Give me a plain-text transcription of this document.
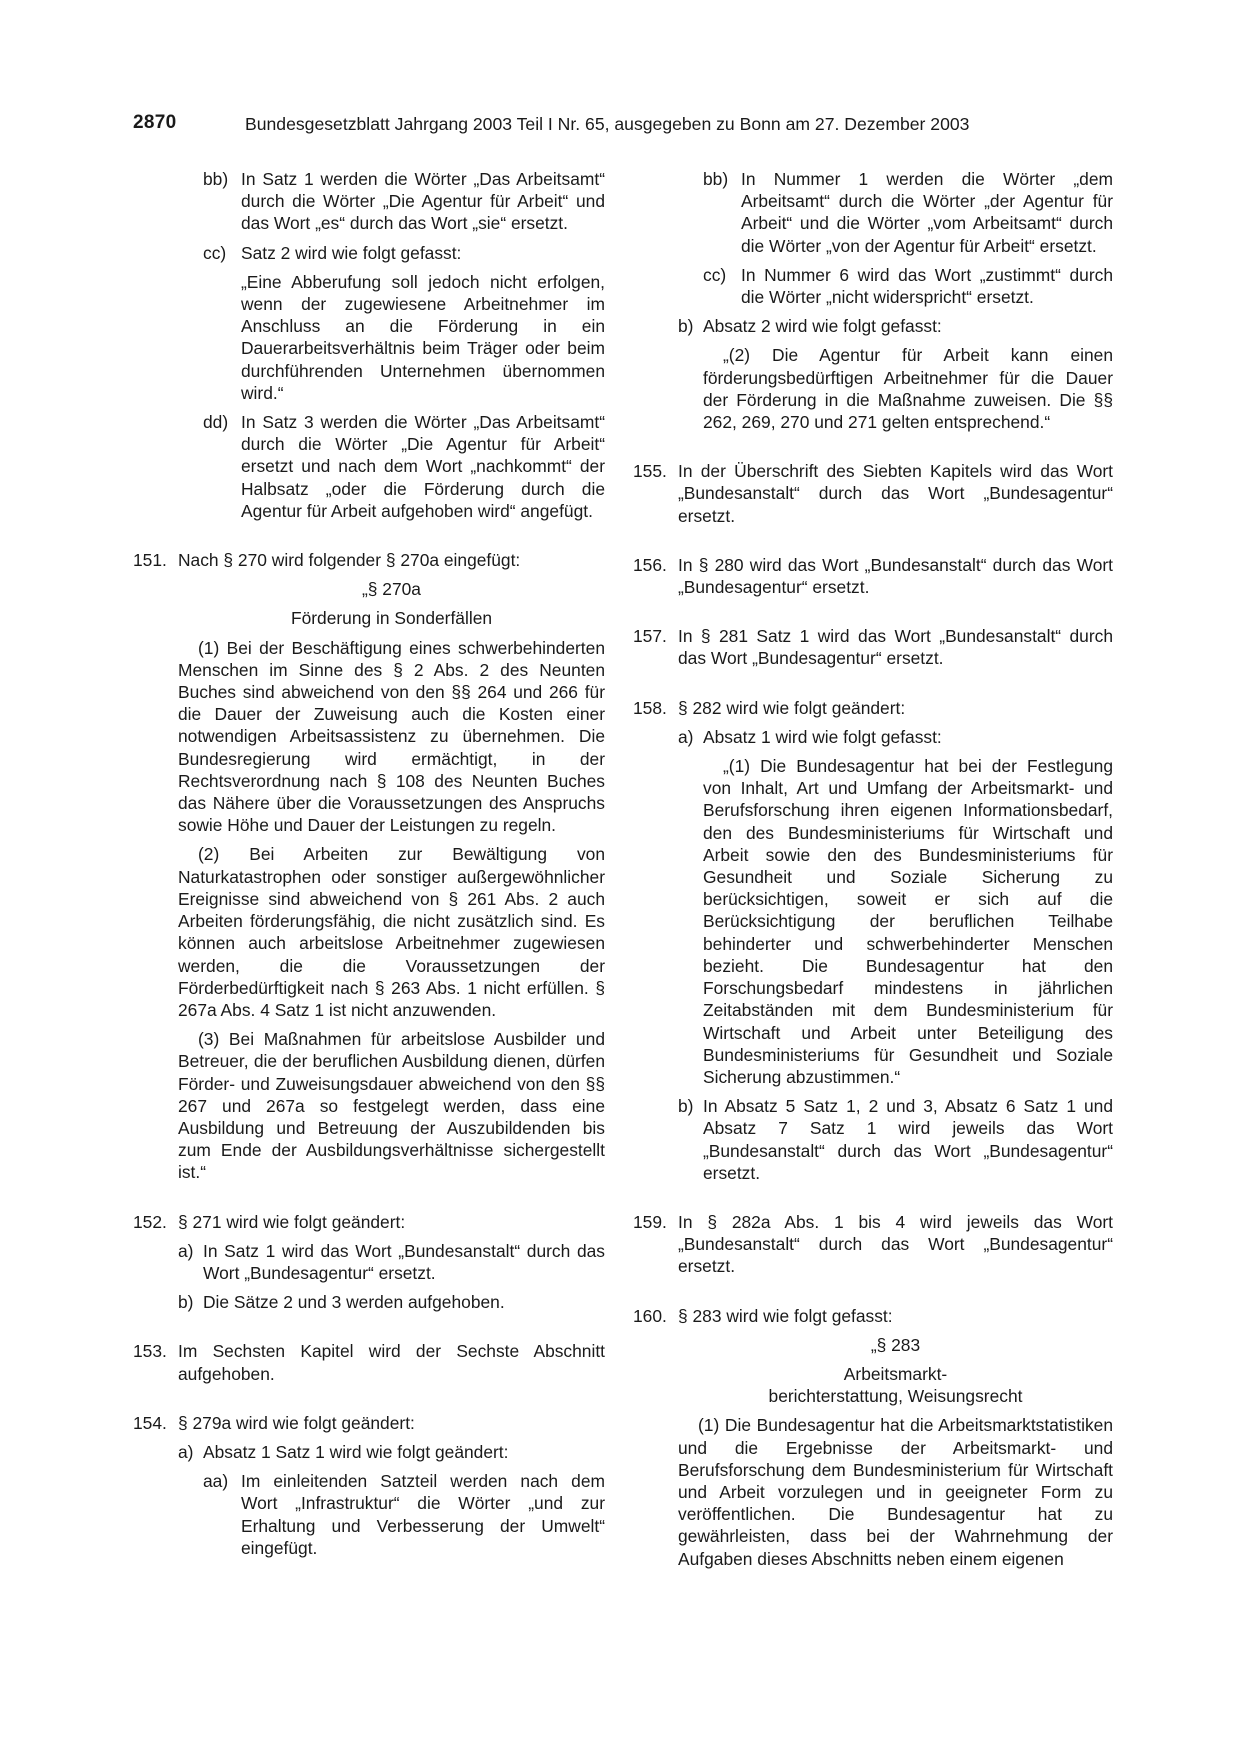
2870	Bundesgesetzblatt Jahrgang 2003 Teil I Nr. 65, ausgegeben zu Bonn am 27. Dezember 2003
bb) In Satz 1 werden die Wörter „Das Arbeitsamt“ durch die Wörter „Die Agentur für Arbeit“ und das Wort „es“ durch das Wort „sie“ ersetzt.

cc) Satz 2 wird wie folgt gefasst:

„Eine Abberufung soll jedoch nicht erfolgen, wenn der zugewiesene Arbeitnehmer im Anschluss an die Förderung in ein Dauerarbeitsverhältnis beim Träger oder beim durchführenden Unternehmen übernommen wird.“

dd) In Satz 3 werden die Wörter „Das Arbeitsamt“ durch die Wörter „Die Agentur für Arbeit“ ersetzt und nach dem Wort „nachkommt“ der Halbsatz „oder die Förderung durch die Agentur für Arbeit aufgehoben wird“ angefügt.

151. Nach § 270 wird folgender § 270a eingefügt:

„§ 270a

Förderung in Sonderfällen

(1) Bei der Beschäftigung eines schwerbehinderten Menschen im Sinne des § 2 Abs. 2 des Neunten Buches sind abweichend von den §§ 264 und 266 für die Dauer der Zuweisung auch die Kosten einer notwendigen Arbeitsassistenz zu übernehmen. Die Bundesregierung wird ermächtigt, in der Rechtsverordnung nach § 108 des Neunten Buches das Nähere über die Voraussetzungen des Anspruchs sowie Höhe und Dauer der Leistungen zu regeln.

(2) Bei Arbeiten zur Bewältigung von Naturkatastrophen oder sonstiger außergewöhnlicher Ereignisse sind abweichend von § 261 Abs. 2 auch Arbeiten förderungsfähig, die nicht zusätzlich sind. Es können auch arbeitslose Arbeitnehmer zugewiesen werden, die die Voraussetzungen der Förderbedürftigkeit nach § 263 Abs. 1 nicht erfüllen. § 267a Abs. 4 Satz 1 ist nicht anzuwenden.

(3) Bei Maßnahmen für arbeitslose Ausbilder und Betreuer, die der beruflichen Ausbildung dienen, dürfen Förder- und Zuweisungsdauer abweichend von den §§ 267 und 267a so festgelegt werden, dass eine Ausbildung und Betreuung der Auszubildenden bis zum Ende der Ausbildungsverhältnisse sichergestellt ist.“

152. § 271 wird wie folgt geändert:

a) In Satz 1 wird das Wort „Bundesanstalt“ durch das Wort „Bundesagentur“ ersetzt.

b) Die Sätze 2 und 3 werden aufgehoben.

153. Im Sechsten Kapitel wird der Sechste Abschnitt aufgehoben.

154. § 279a wird wie folgt geändert:

a) Absatz 1 Satz 1 wird wie folgt geändert:

aa) Im einleitenden Satzteil werden nach dem Wort „Infrastruktur“ die Wörter „und zur Erhaltung und Verbesserung der Umwelt“ eingefügt.

bb) In Nummer 1 werden die Wörter „dem Arbeitsamt“ durch die Wörter „der Agentur für Arbeit“ und die Wörter „vom Arbeitsamt“ durch die Wörter „von der Agentur für Arbeit“ ersetzt.

cc) In Nummer 6 wird das Wort „zustimmt“ durch die Wörter „nicht widerspricht“ ersetzt.

b) Absatz 2 wird wie folgt gefasst:

„(2) Die Agentur für Arbeit kann einen förderungsbedürftigen Arbeitnehmer für die Dauer der Förderung in die Maßnahme zuweisen. Die §§ 262, 269, 270 und 271 gelten entsprechend.“

155. In der Überschrift des Siebten Kapitels wird das Wort „Bundesanstalt“ durch das Wort „Bundesagentur“ ersetzt.

156. In § 280 wird das Wort „Bundesanstalt“ durch das Wort „Bundesagentur“ ersetzt.

157. In § 281 Satz 1 wird das Wort „Bundesanstalt“ durch das Wort „Bundesagentur“ ersetzt.

158. § 282 wird wie folgt geändert:

a) Absatz 1 wird wie folgt gefasst:

„(1) Die Bundesagentur hat bei der Festlegung von Inhalt, Art und Umfang der Arbeitsmarkt- und Berufsforschung ihren eigenen Informationsbedarf, den des Bundesministeriums für Wirtschaft und Arbeit sowie den des Bundesministeriums für Gesundheit und Soziale Sicherung zu berücksichtigen, soweit er sich auf die Berücksichtigung der beruflichen Teilhabe behinderter und schwerbehinderter Menschen bezieht. Die Bundesagentur hat den Forschungsbedarf mindestens in jährlichen Zeitabständen mit dem Bundesministerium für Wirtschaft und Arbeit unter Beteiligung des Bundesministeriums für Gesundheit und Soziale Sicherung abzustimmen.“

b) In Absatz 5 Satz 1, 2 und 3, Absatz 6 Satz 1 und Absatz 7 Satz 1 wird jeweils das Wort „Bundesanstalt“ durch das Wort „Bundesagentur“ ersetzt.

159. In § 282a Abs. 1 bis 4 wird jeweils das Wort „Bundesanstalt“ durch das Wort „Bundesagentur“ ersetzt.

160. § 283 wird wie folgt gefasst:

„§ 283

Arbeitsmarkt-

berichterstattung, Weisungsrecht

(1) Die Bundesagentur hat die Arbeitsmarktstatistiken und die Ergebnisse der Arbeitsmarkt- und Berufsforschung dem Bundesministerium für Wirtschaft und Arbeit vorzulegen und in geeigneter Form zu veröffentlichen. Die Bundesagentur hat zu gewährleisten, dass bei der Wahrnehmung der Aufgaben dieses Abschnitts neben einem eigenen
